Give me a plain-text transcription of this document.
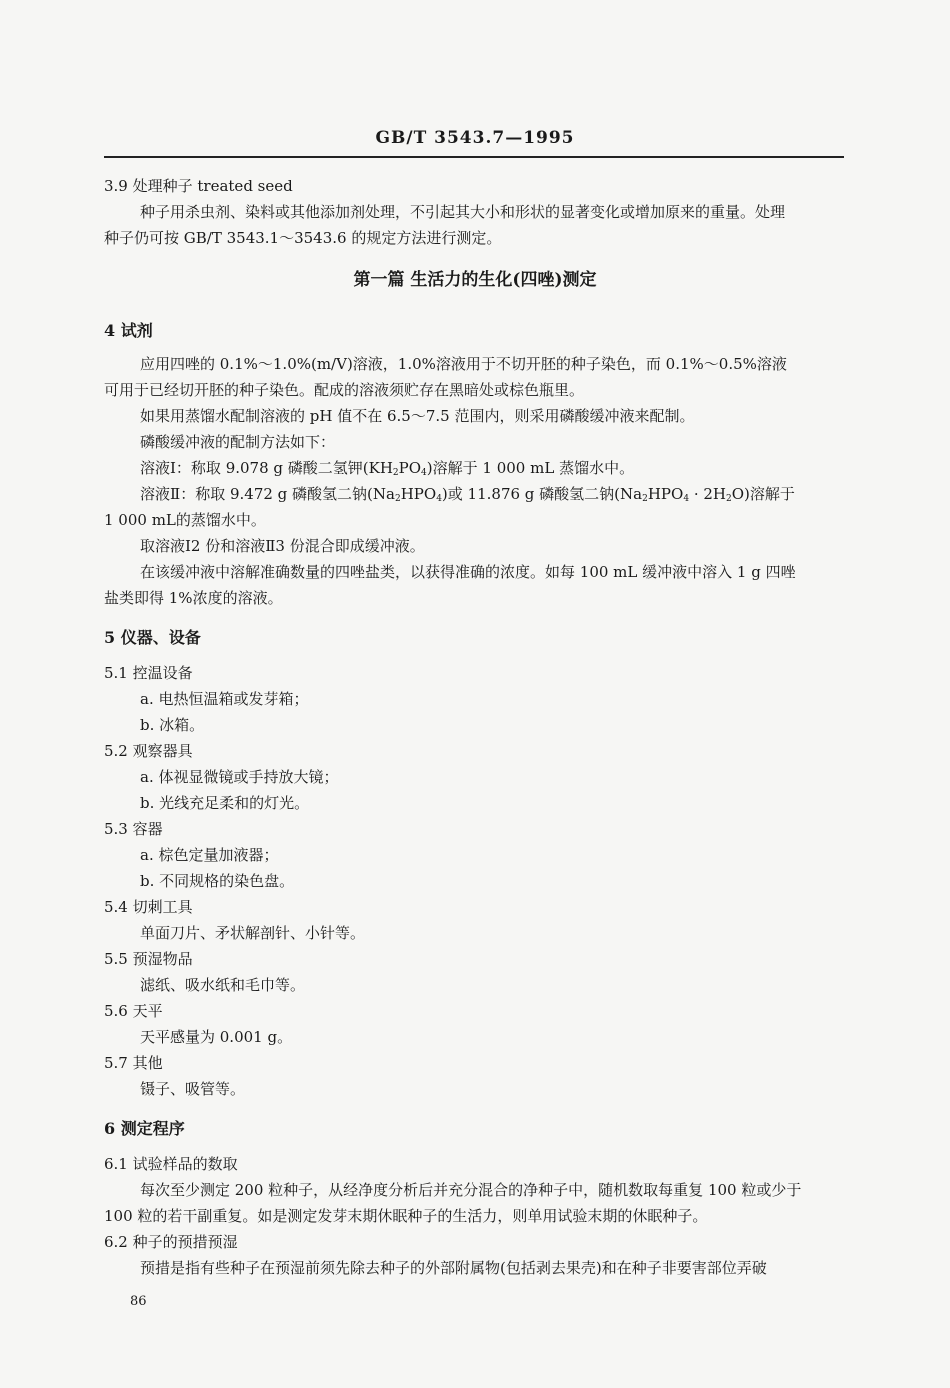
GB/T 3543.7—1995
3.9 处理种子 treated seed
种子用杀虫剂、染料或其他添加剂处理，不引起其大小和形状的显著变化或增加原来的重量。处理
种子仍可按 GB/T 3543.1～3543.6 的规定方法进行测定。
第一篇 生活力的生化(四唑)测定
4 试剂
应用四唑的 0.1%～1.0%(m/V)溶液，1.0%溶液用于不切开胚的种子染色，而 0.1%～0.5%溶液
可用于已经切开胚的种子染色。配成的溶液须贮存在黑暗处或棕色瓶里。
如果用蒸馏水配制溶液的 pH 值不在 6.5～7.5 范围内，则采用磷酸缓冲液来配制。
磷酸缓冲液的配制方法如下：
溶液Ⅰ：称取 9.078 g 磷酸二氢钾$(KH_2PO_4)$溶解于 1 000 mL 蒸馏水中。
溶液Ⅱ：称取 9.472 g 磷酸氢二钠$(Na_2HPO_4)$或 11.876 g 磷酸氢二钠$(Na_2HPO_4 \cdot 2H_2O)$溶解于
1 000 mL的蒸馏水中。
取溶液Ⅰ2 份和溶液Ⅱ3 份混合即成缓冲液。
在该缓冲液中溶解准确数量的四唑盐类，以获得准确的浓度。如每 100 mL 缓冲液中溶入 1 g 四唑
盐类即得 1%浓度的溶液。
5 仪器、设备
5.1 控温设备
a. 电热恒温箱或发芽箱；
b. 冰箱。
5.2 观察器具
a. 体视显微镜或手持放大镜；
b. 光线充足柔和的灯光。
5.3 容器
a. 棕色定量加液器；
b. 不同规格的染色盘。
5.4 切刺工具
单面刀片、矛状解剖针、小针等。
5.5 预湿物品
滤纸、吸水纸和毛巾等。
5.6 天平
天平感量为 0.001 g。
5.7 其他
镊子、吸管等。
6 测定程序
6.1 试验样品的数取
每次至少测定 200 粒种子，从经净度分析后并充分混合的净种子中，随机数取每重复 100 粒或少于
100 粒的若干副重复。如是测定发芽末期休眠种子的生活力，则单用试验末期的休眠种子。
6.2 种子的预措预湿
预措是指有些种子在预湿前须先除去种子的外部附属物(包括剥去果壳)和在种子非要害部位弄破
86
